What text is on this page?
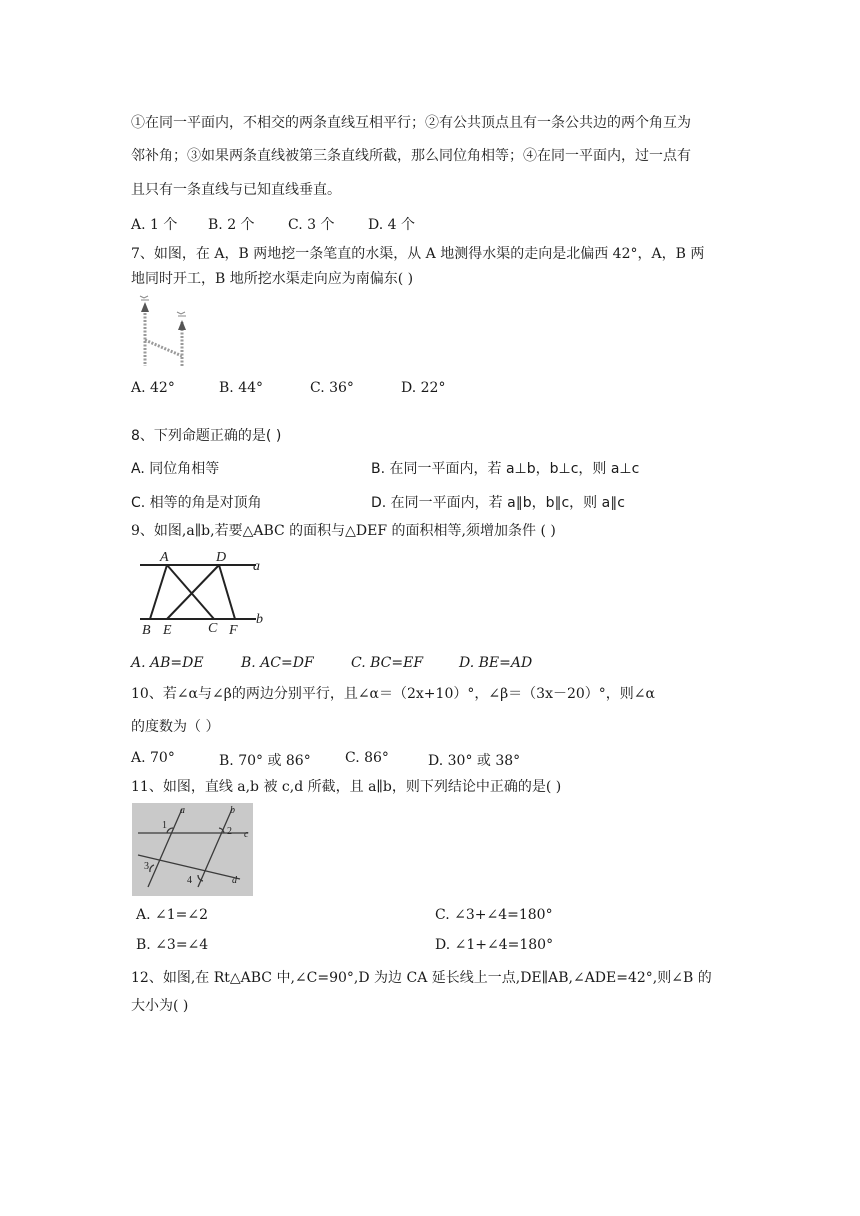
①在同一平面内，不相交的两条直线互相平行；②有公共顶点且有一条公共边的两个角互为
邻补角；③如果两条直线被第三条直线所截，那么同位角相等；④在同一平面内，过一点有
且只有一条直线与已知直线垂直。
A. 1 个 B. 2 个 C. 3 个 D. 4 个
7、如图，在 A，B 两地挖一条笔直的水渠，从 A 地测得水渠的走向是北偏西 42°，A，B 两
地同时开工，B 地所挖水渠走向应为南偏东( )
A. 42°	B. 44°	C. 36°	D. 22°
8、下列命题正确的是( )
A. 同位角相等	B. 在同一平面内，若 a⊥b，b⊥c，则 a⊥c
C. 相等的角是对顶角	D. 在同一平面内，若 a∥b，b∥c，则 a∥c
9、如图,a∥b,若要△ABC 的面积与△DEF 的面积相等,须增加条件 ( )
A	D
a
B E	C F
b
A. AB=DE	B. AC=DF	C. BC=EF	D. BE=AD
10、若∠α与∠β的两边分别平行，且∠α＝（2x+10）°，∠β＝（3x－20）°，则∠α
的度数为（ ）
A. 70°	B. 70° 或 86° C. 86°	D. 30° 或 38°
11、如图，直线 a,b 被 c,d 所截，且 a∥b，则下列结论中正确的是( )
1
2
3
4
a	b
c
d
A. ∠1=∠2	C. ∠3+∠4=180°
B. ∠3=∠4	D. ∠1+∠4=180°
12、如图,在 Rt△ABC 中,∠C=90°,D 为边 CA 延长线上一点,DE∥AB,∠ADE=42°,则∠B 的
大小为( )
